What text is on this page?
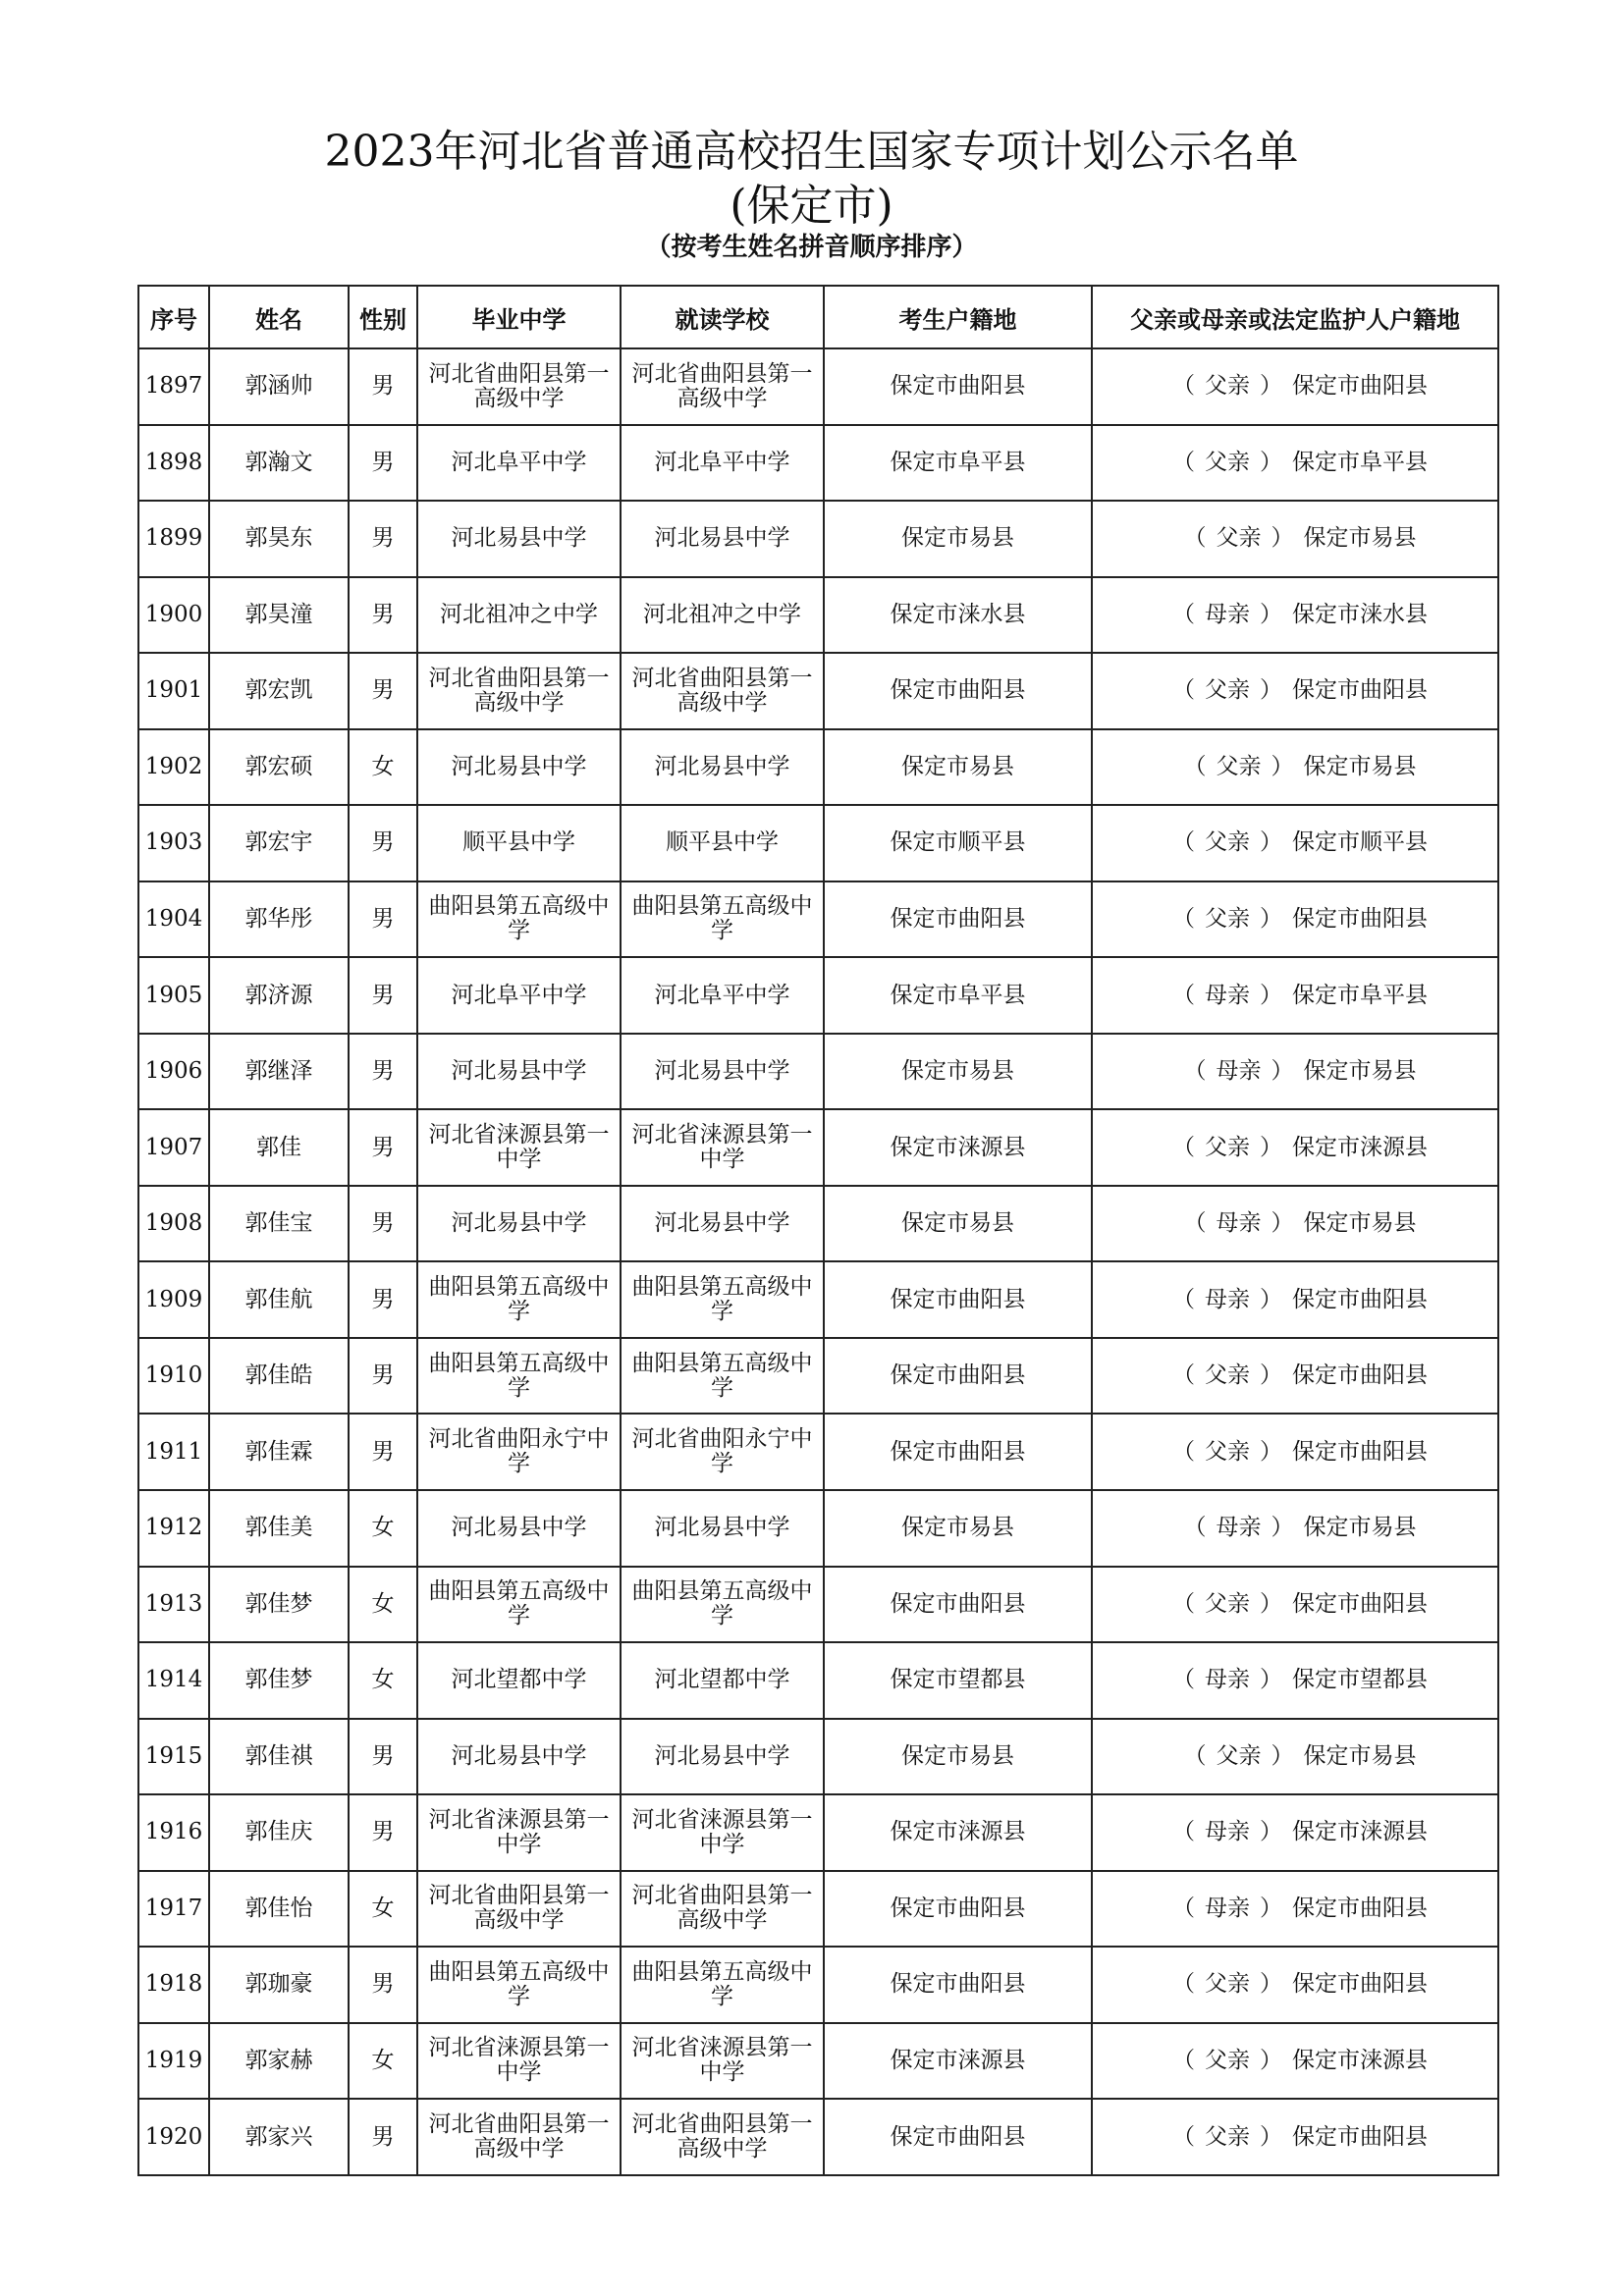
2023年河北省普通高校招生国家专项计划公示名单
(保定市)
（按考生姓名拼音顺序排序）
序号	姓名	性别	毕业中学	就读学校	考生户籍地	父亲或母亲或法定监护人户籍地
1897	郭涵帅	男	河北省曲阳县第一高级中学	河北省曲阳县第一高级中学	保定市曲阳县	（ 父亲 ） 保定市曲阳县
1898	郭瀚文	男	河北阜平中学	河北阜平中学	保定市阜平县	（ 父亲 ） 保定市阜平县
1899	郭昊东	男	河北易县中学	河北易县中学	保定市易县	（ 父亲 ） 保定市易县
1900	郭昊潼	男	河北祖冲之中学	河北祖冲之中学	保定市涞水县	（ 母亲 ） 保定市涞水县
1901	郭宏凯	男	河北省曲阳县第一高级中学	河北省曲阳县第一高级中学	保定市曲阳县	（ 父亲 ） 保定市曲阳县
1902	郭宏硕	女	河北易县中学	河北易县中学	保定市易县	（ 父亲 ） 保定市易县
1903	郭宏宇	男	顺平县中学	顺平县中学	保定市顺平县	（ 父亲 ） 保定市顺平县
1904	郭华彤	男	曲阳县第五高级中学	曲阳县第五高级中学	保定市曲阳县	（ 父亲 ） 保定市曲阳县
1905	郭济源	男	河北阜平中学	河北阜平中学	保定市阜平县	（ 母亲 ） 保定市阜平县
1906	郭继泽	男	河北易县中学	河北易县中学	保定市易县	（ 母亲 ） 保定市易县
1907	郭佳	男	河北省涞源县第一中学	河北省涞源县第一中学	保定市涞源县	（ 父亲 ） 保定市涞源县
1908	郭佳宝	男	河北易县中学	河北易县中学	保定市易县	（ 母亲 ） 保定市易县
1909	郭佳航	男	曲阳县第五高级中学	曲阳县第五高级中学	保定市曲阳县	（ 母亲 ） 保定市曲阳县
1910	郭佳皓	男	曲阳县第五高级中学	曲阳县第五高级中学	保定市曲阳县	（ 父亲 ） 保定市曲阳县
1911	郭佳霖	男	河北省曲阳永宁中学	河北省曲阳永宁中学	保定市曲阳县	（ 父亲 ） 保定市曲阳县
1912	郭佳美	女	河北易县中学	河北易县中学	保定市易县	（ 母亲 ） 保定市易县
1913	郭佳梦	女	曲阳县第五高级中学	曲阳县第五高级中学	保定市曲阳县	（ 父亲 ） 保定市曲阳县
1914	郭佳梦	女	河北望都中学	河北望都中学	保定市望都县	（ 母亲 ） 保定市望都县
1915	郭佳祺	男	河北易县中学	河北易县中学	保定市易县	（ 父亲 ） 保定市易县
1916	郭佳庆	男	河北省涞源县第一中学	河北省涞源县第一中学	保定市涞源县	（ 母亲 ） 保定市涞源县
1917	郭佳怡	女	河北省曲阳县第一高级中学	河北省曲阳县第一高级中学	保定市曲阳县	（ 母亲 ） 保定市曲阳县
1918	郭珈豪	男	曲阳县第五高级中学	曲阳县第五高级中学	保定市曲阳县	（ 父亲 ） 保定市曲阳县
1919	郭家赫	女	河北省涞源县第一中学	河北省涞源县第一中学	保定市涞源县	（ 父亲 ） 保定市涞源县
1920	郭家兴	男	河北省曲阳县第一高级中学	河北省曲阳县第一高级中学	保定市曲阳县	（ 父亲 ） 保定市曲阳县
